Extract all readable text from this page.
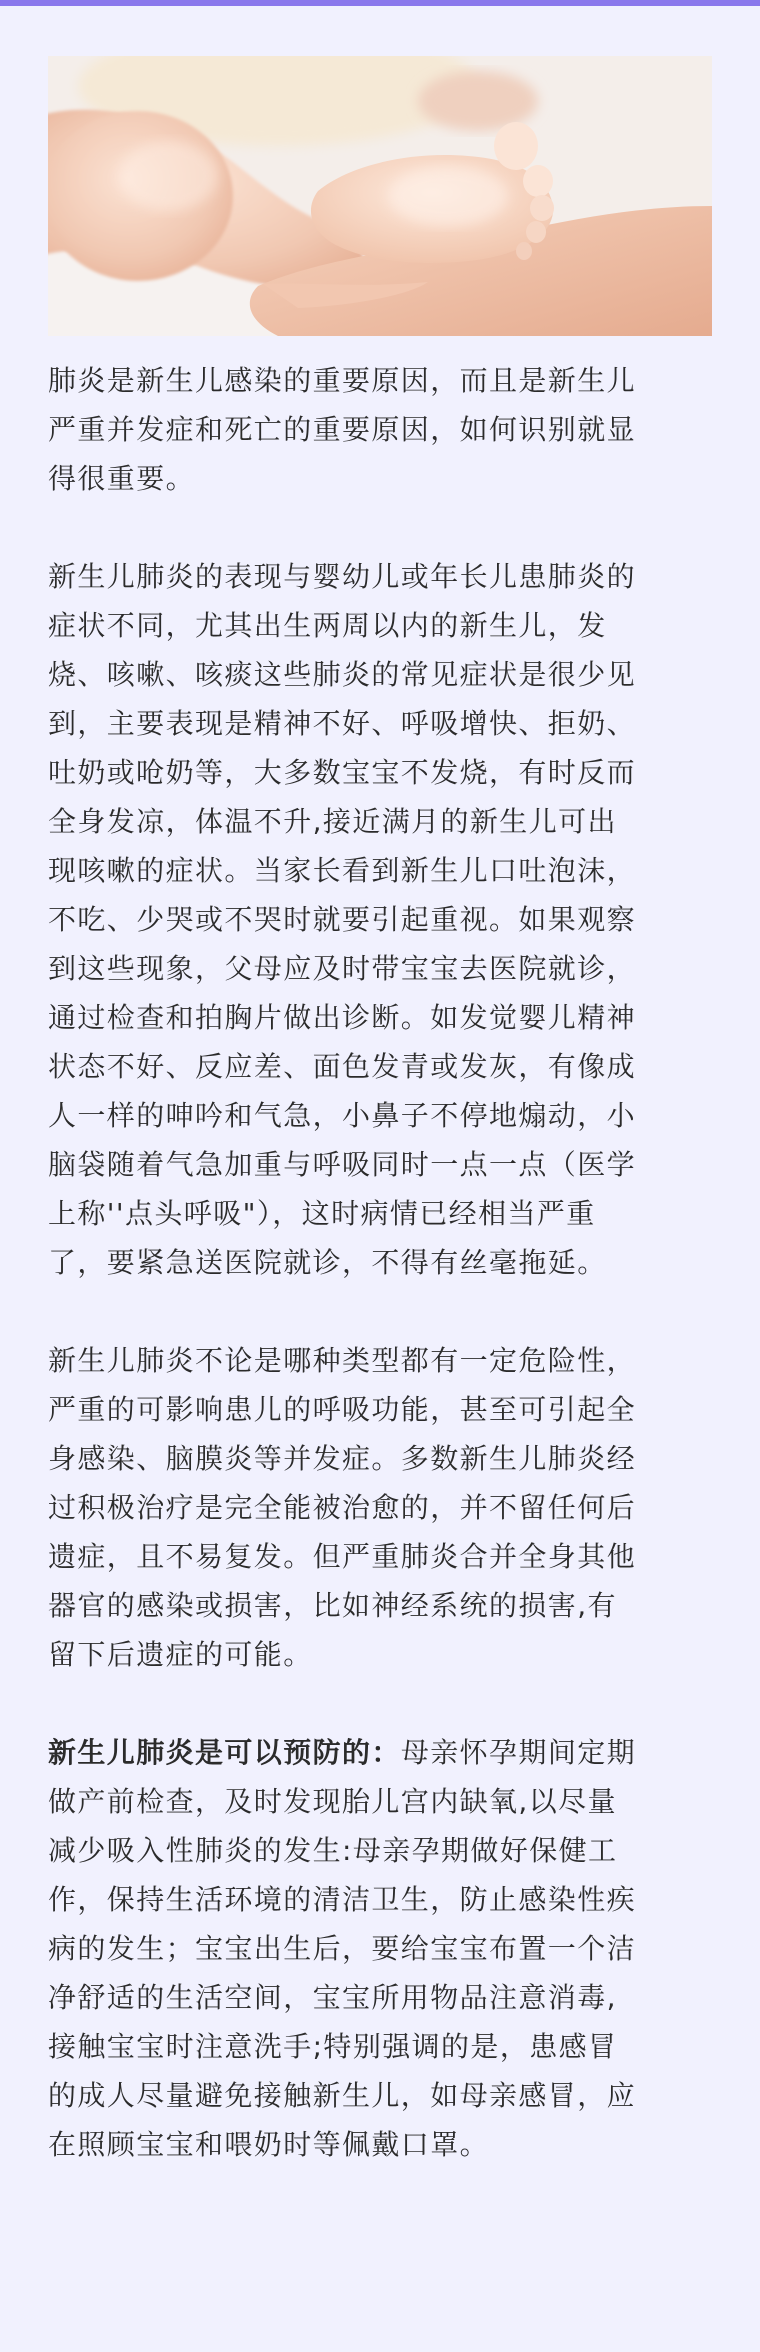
肺炎是新生儿感染的重要原因，而且是新生儿
严重并发症和死亡的重要原因，如何识别就显
得很重要。

新生儿肺炎的表现与婴幼儿或年长儿患肺炎的
症状不同，尤其出生两周以内的新生儿，发
烧、咳嗽、咳痰这些肺炎的常见症状是很少见
到，主要表现是精神不好、呼吸增快、拒奶、
吐奶或呛奶等，大多数宝宝不发烧，有时反而
全身发凉，体温不升,接近满月的新生儿可出
现咳嗽的症状。当家长看到新生儿口吐泡沫，
不吃、少哭或不哭时就要引起重视。如果观察
到这些现象，父母应及时带宝宝去医院就诊，
通过检查和拍胸片做出诊断。如发觉婴儿精神
状态不好、反应差、面色发青或发灰，有像成
人一样的呻吟和气急，小鼻子不停地煽动，小
脑袋随着气急加重与呼吸同时一点一点（医学
上称''点头呼吸"），这时病情已经相当严重
了，要紧急送医院就诊，不得有丝毫拖延。

新生儿肺炎不论是哪种类型都有一定危险性，
严重的可影响患儿的呼吸功能，甚至可引起全
身感染、脑膜炎等并发症。多数新生儿肺炎经
过积极治疗是完全能被治愈的，并不留任何后
遗症，且不易复发。但严重肺炎合并全身其他
器官的感染或损害，比如神经系统的损害,有
留下后遗症的可能。

新生儿肺炎是可以预防的：母亲怀孕期间定期
做产前检查，及时发现胎儿宫内缺氧,以尽量
减少吸入性肺炎的发生:母亲孕期做好保健工
作，保持生活环境的清洁卫生，防止感染性疾
病的发生；宝宝出生后，要给宝宝布置一个洁
净舒适的生活空间，宝宝所用物品注意消毒,
接触宝宝时注意洗手;特别强调的是，患感冒
的成人尽量避免接触新生儿，如母亲感冒，应
在照顾宝宝和喂奶时等佩戴口罩。
